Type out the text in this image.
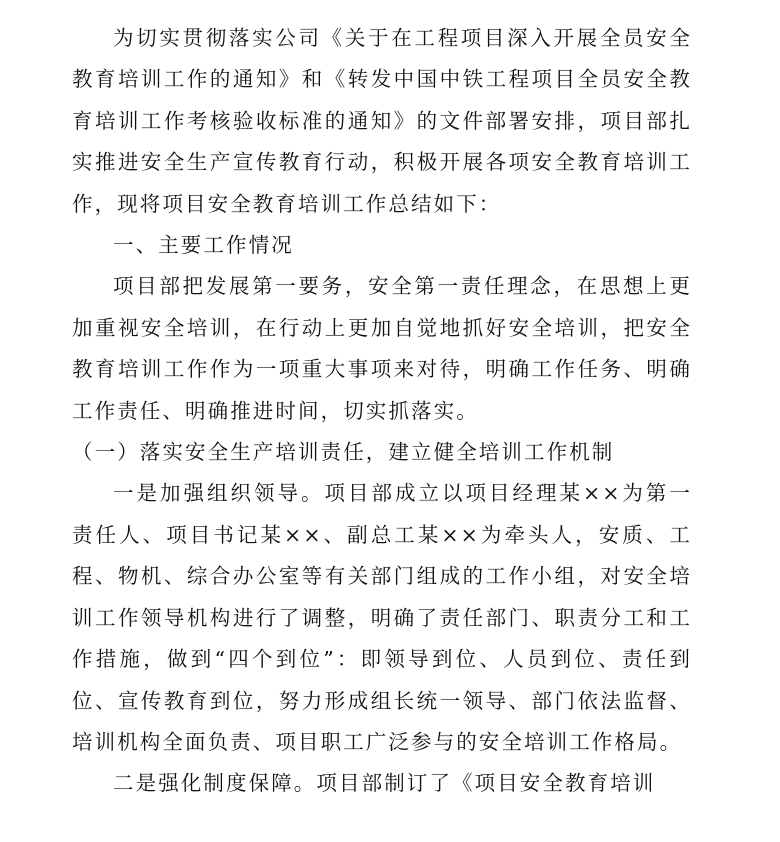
为切实贯彻落实公司《关于在工程项目深入开展全员安全教育培训工作的通知》和《转发中国中铁工程项目全员安全教育培训工作考核验收标准的通知》的文件部署安排，项目部扎实推进安全生产宣传教育行动，积极开展各项安全教育培训工作，现将项目安全教育培训工作总结如下：

一、主要工作情况

项目部把发展第一要务，安全第一责任理念，在思想上更加重视安全培训，在行动上更加自觉地抓好安全培训，把安全教育培训工作作为一项重大事项来对待，明确工作任务、明确工作责任、明确推进时间，切实抓落实。

（一）落实安全生产培训责任，建立健全培训工作机制

一是加强组织领导。项目部成立以项目经理某××为第一责任人、项目书记某××、副总工某××为牵头人，安质、工程、物机、综合办公室等有关部门组成的工作小组，对安全培训工作领导机构进行了调整，明确了责任部门、职责分工和工作措施，做到“四个到位”：即领导到位、人员到位、责任到位、宣传教育到位，努力形成组长统一领导、部门依法监督、培训机构全面负责、项目职工广泛参与的安全培训工作格局。

二是强化制度保障。项目部制订了《项目安全教育培训
